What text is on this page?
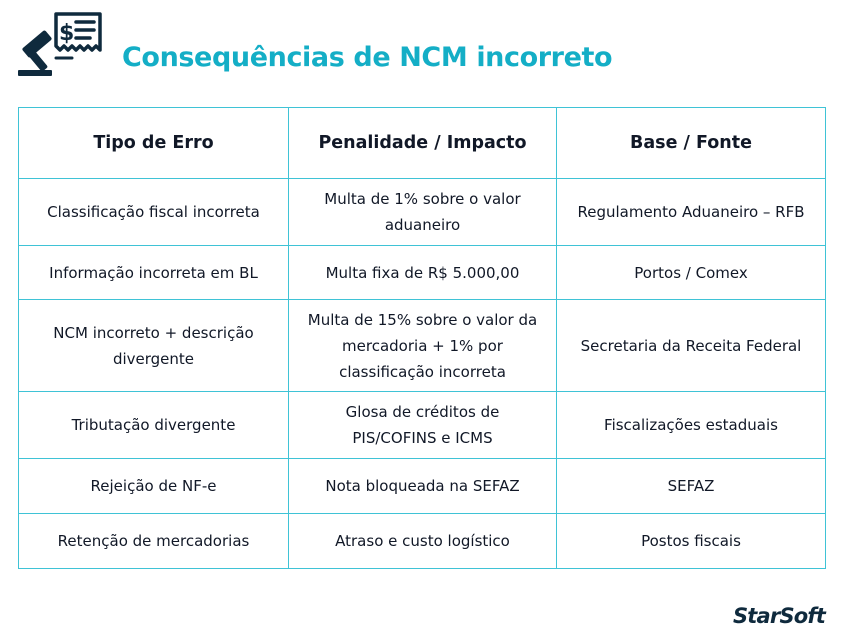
$
Consequências de NCM incorreto
Tipo de Erro	Penalidade / Impacto	Base / Fonte
Classificação fiscal incorreta	Multa de 1% sobre o valor aduaneiro	Regulamento Aduaneiro – RFB
Informação incorreta em BL	Multa fixa de R$ 5.000,00	Portos / Comex
NCM incorreto + descrição divergente	Multa de 15% sobre o valor da mercadoria + 1% por classificação incorreta	Secretaria da Receita Federal
Tributação divergente	Glosa de créditos de PIS/COFINS e ICMS	Fiscalizações estaduais
Rejeição de NF-e	Nota bloqueada na SEFAZ	SEFAZ
Retenção de mercadorias	Atraso e custo logístico	Postos fiscais
StarSoft
